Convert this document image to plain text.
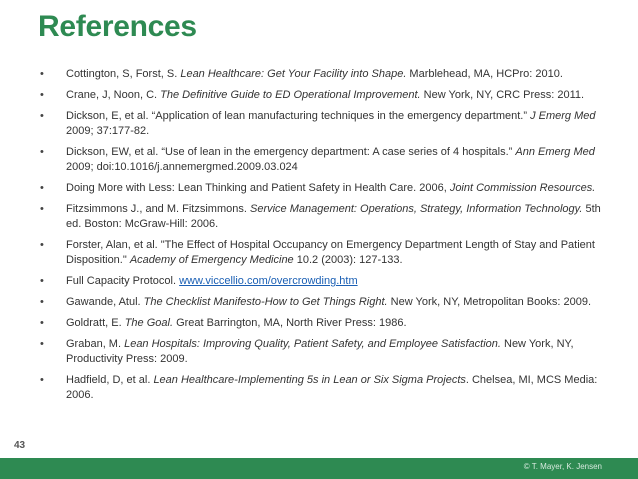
References
• Cottington, S, Forst, S. Lean Healthcare: Get Your Facility into Shape. Marblehead, MA, HCPro: 2010.
• Crane, J, Noon, C. The Definitive Guide to ED Operational Improvement. New York, NY, CRC Press: 2011.
• Dickson, E, et al. “Application of lean manufacturing techniques in the emergency department.” J Emerg Med 2009; 37:177-82.
• Dickson, EW, et al. “Use of lean in the emergency department: A case series of 4 hospitals.” Ann Emerg Med 2009; doi:10.1016/j.annemergmed.2009.03.024
• Doing More with Less: Lean Thinking and Patient Safety in Health Care. 2006, Joint Commission Resources.
• Fitzsimmons J., and M. Fitzsimmons. Service Management: Operations, Strategy, Information Technology. 5th ed. Boston: McGraw-Hill: 2006.
• Forster, Alan, et al. "The Effect of Hospital Occupancy on Emergency Department Length of Stay and Patient Disposition." Academy of Emergency Medicine 10.2 (2003): 127-133.
• Full Capacity Protocol. www.viccellio.com/overcrowding.htm
• Gawande, Atul. The Checklist Manifesto-How to Get Things Right. New York, NY, Metropolitan Books: 2009.
• Goldratt, E. The Goal. Great Barrington, MA, North River Press: 1986.
• Graban, M. Lean Hospitals: Improving Quality, Patient Safety, and Employee Satisfaction. New York, NY, Productivity Press: 2009.
• Hadfield, D, et al. Lean Healthcare-Implementing 5s in Lean or Six Sigma Projects. Chelsea, MI, MCS Media: 2006.
43
© T. Mayer, K. Jensen
